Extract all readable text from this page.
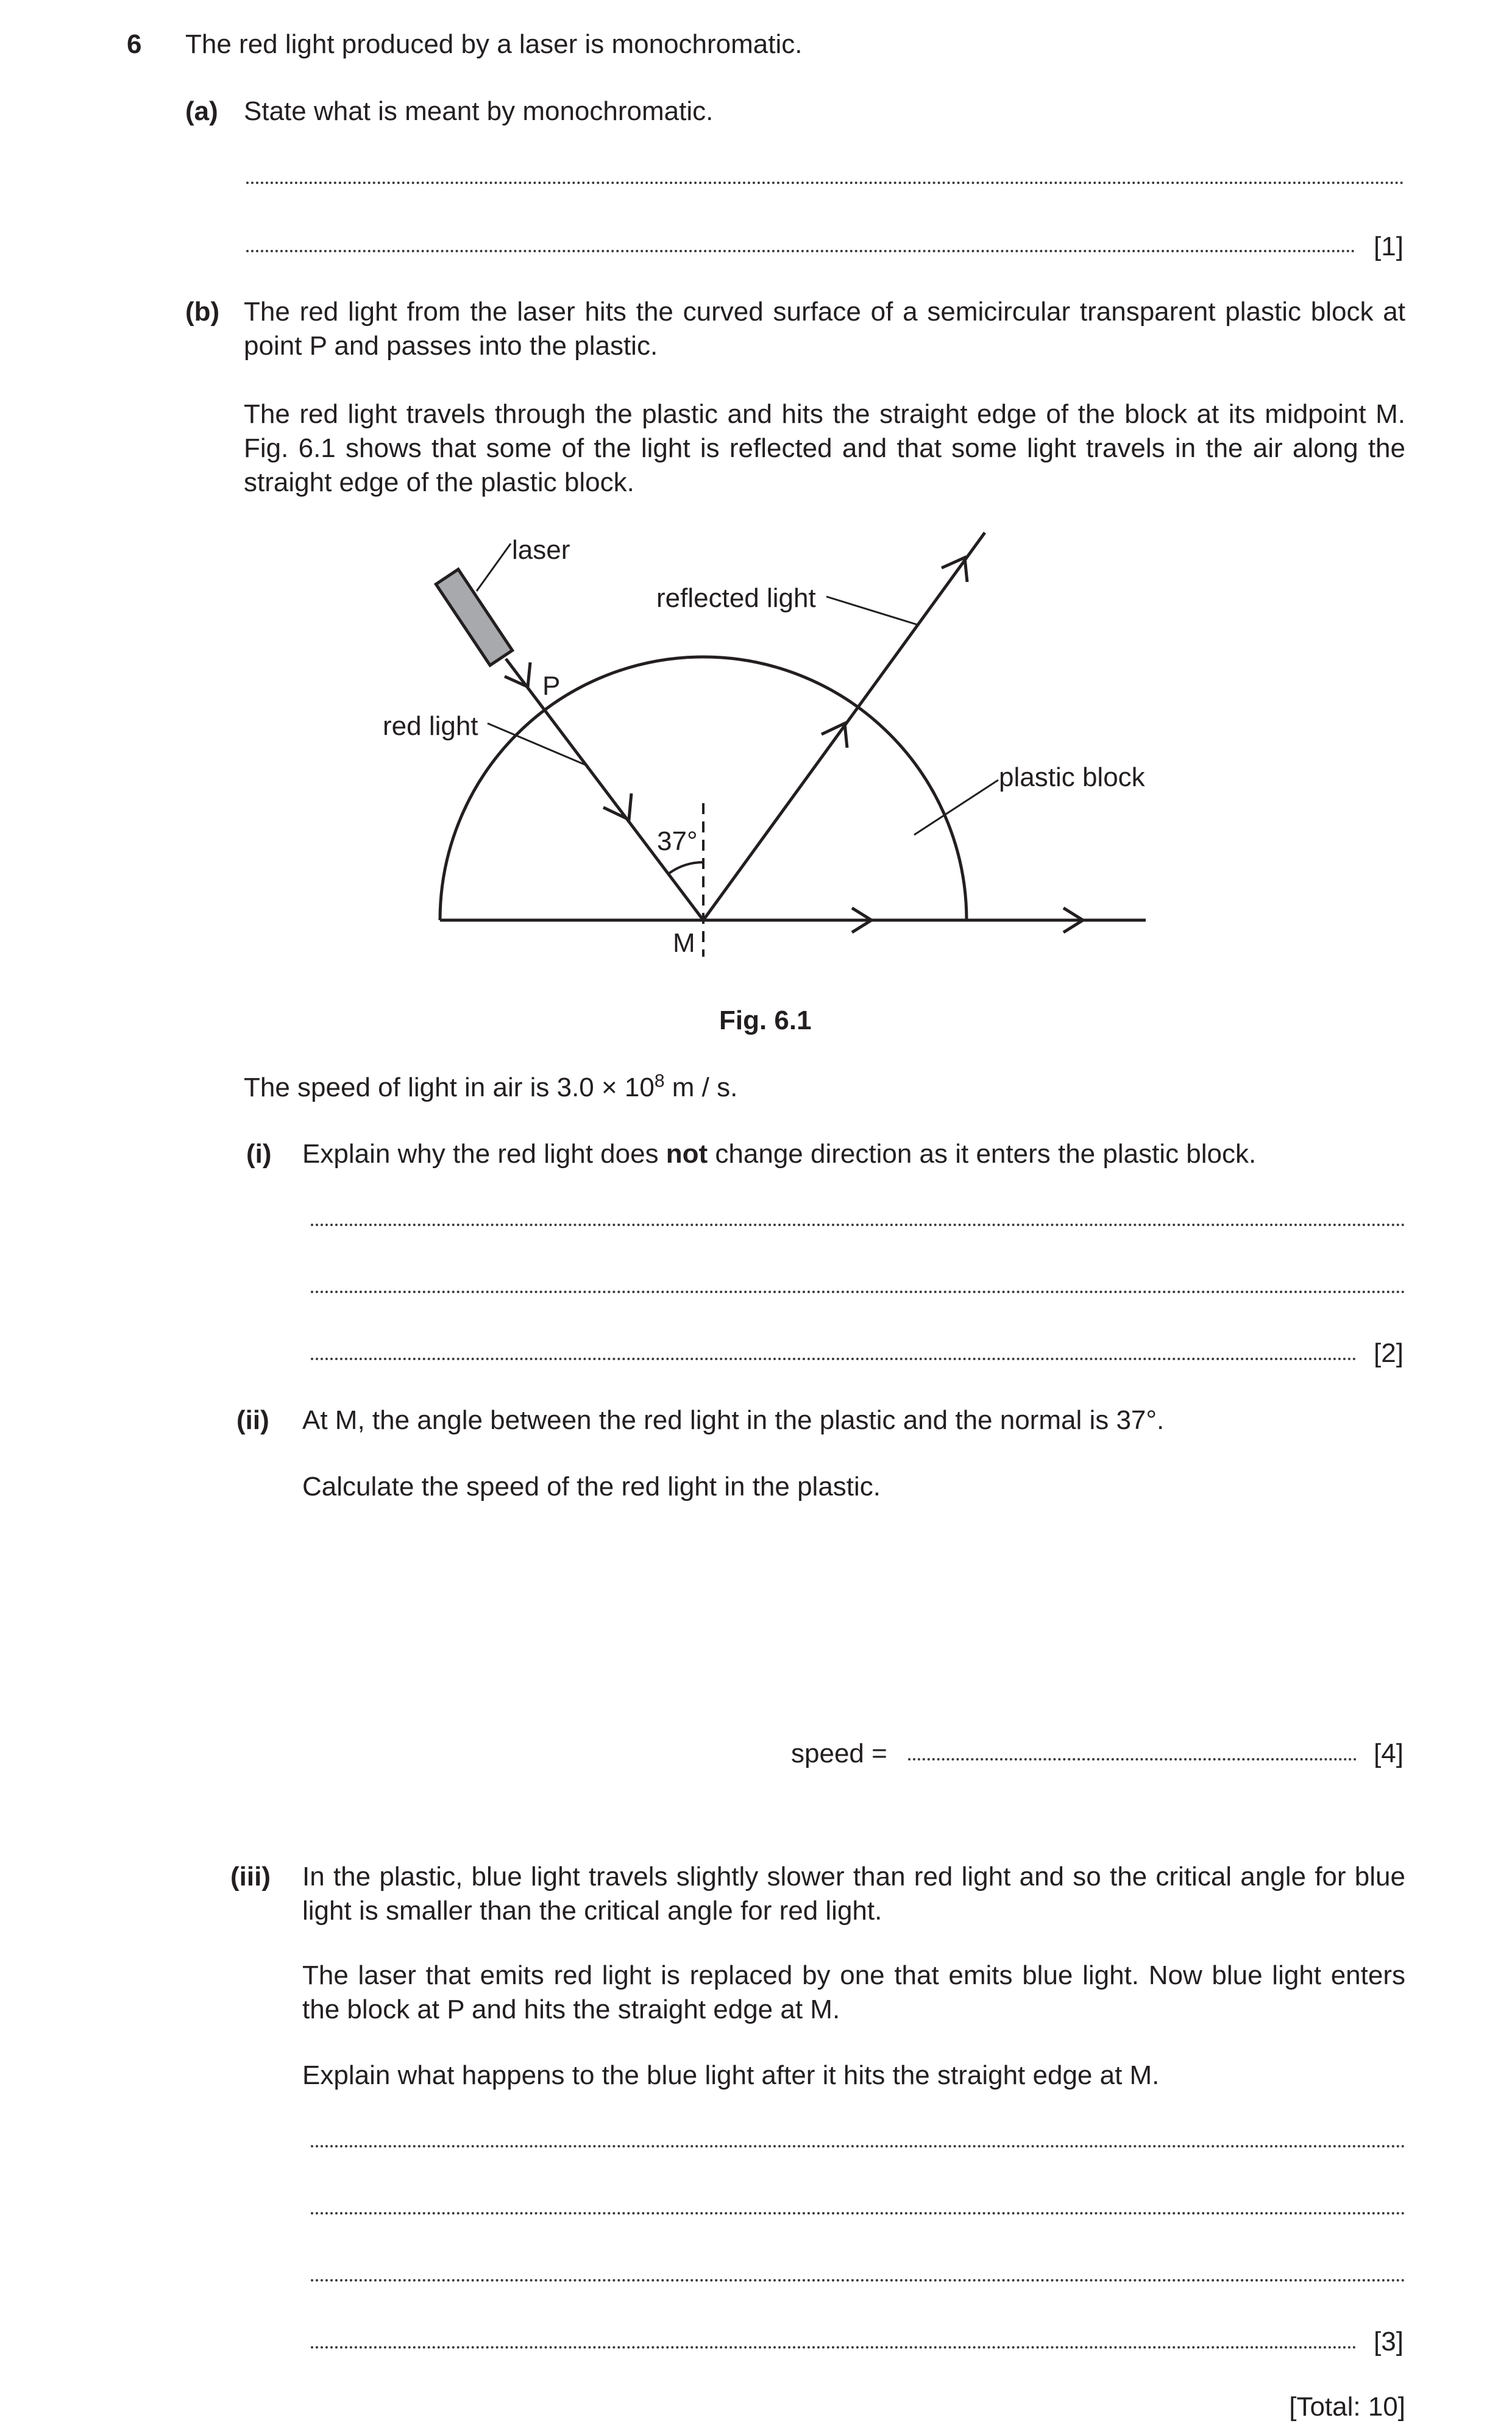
6 The red light produced by a laser is monochromatic.
(a) State what is meant by monochromatic.
[1]
(b) The red light from the laser hits the curved surface of a semicircular transparent plastic block at point P and passes into the plastic.
The red light travels through the plastic and hits the straight edge of the block at its midpoint M. Fig. 6.1 shows that some of the light is reflected and that some light travels in the air along the straight edge of the plastic block.
laser
reflected light
red light
P
plastic block
37°
M
Fig. 6.1
The speed of light in air is $3.0 \times 10^8$ m / s.
(i) Explain why the red light does not change direction as it enters the plastic block.
[2]
(ii) At M, the angle between the red light in the plastic and the normal is 37°.
Calculate the speed of the red light in the plastic.
speed =	[4]
(iii) In the plastic, blue light travels slightly slower than red light and so the critical angle for blue light is smaller than the critical angle for red light.
The laser that emits red light is replaced by one that emits blue light. Now blue light enters the block at P and hits the straight edge at M.
Explain what happens to the blue light after it hits the straight edge at M.
[3]
[Total: 10]
